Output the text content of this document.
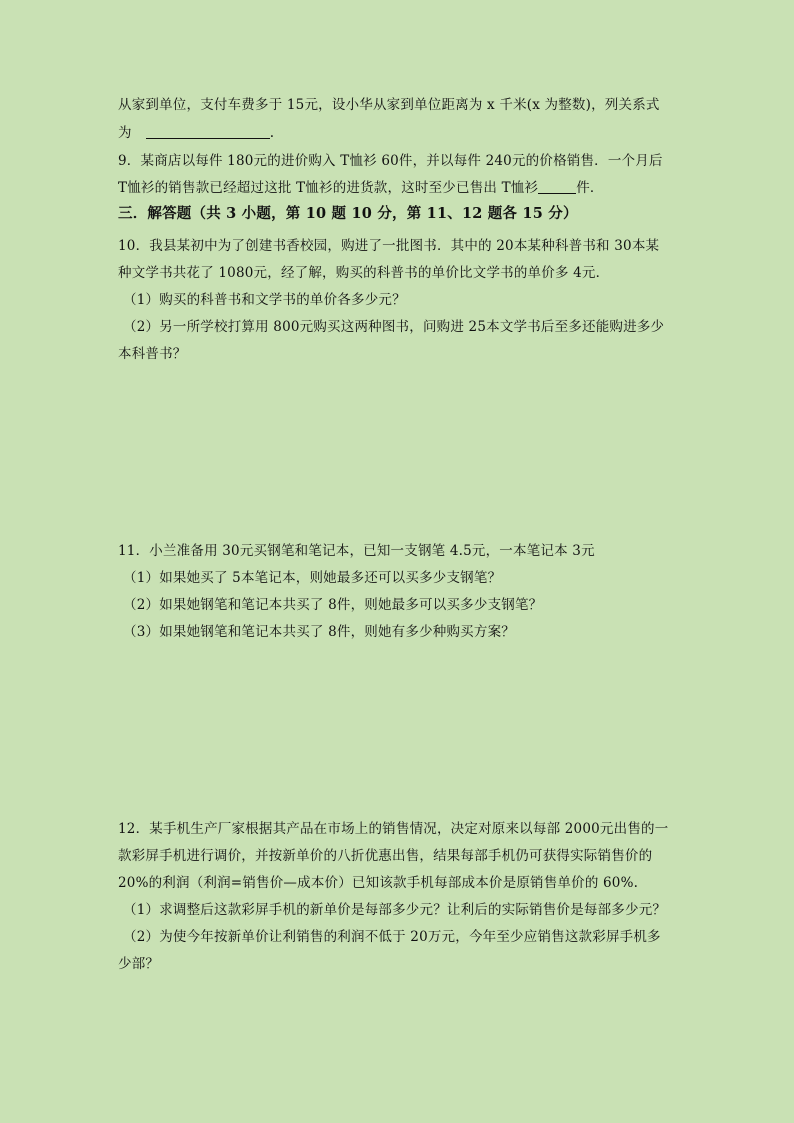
从家到单位，支付车费多于 15元，设小华从家到单位距离为 x 千米(x 为整数)，列关系式
为	.
9．某商店以每件 180元的进价购入 T恤衫 60件，并以每件 240元的价格销售．一个月后
T恤衫的销售款已经超过这批 T恤衫的进货款，这时至少已售出 T恤衫	件．
三．解答题（共 3 小题，第 10 题 10 分，第 11、12 题各 15 分）
10．我县某初中为了创建书香校园，购进了一批图书．其中的 20本某种科普书和 30本某
种文学书共花了 1080元，经了解，购买的科普书的单价比文学书的单价多 4元．
（1）购买的科普书和文学书的单价各多少元？
（2）另一所学校打算用 800元购买这两种图书，问购进 25本文学书后至多还能购进多少
本科普书？
11．小兰准备用 30元买钢笔和笔记本，已知一支钢笔 4.5元，一本笔记本 3元
（1）如果她买了 5本笔记本，则她最多还可以买多少支钢笔？
（2）如果她钢笔和笔记本共买了 8件，则她最多可以买多少支钢笔？
（3）如果她钢笔和笔记本共买了 8件，则她有多少种购买方案？
12．某手机生产厂家根据其产品在市场上的销售情况，决定对原来以每部 2000元出售的一
款彩屏手机进行调价，并按新单价的八折优惠出售，结果每部手机仍可获得实际销售价的
20%的利润（利润=销售价—成本价）已知该款手机每部成本价是原销售单价的 60%.
（1）求调整后这款彩屏手机的新单价是每部多少元？让利后的实际销售价是每部多少元？
（2）为使今年按新单价让利销售的利润不低于 20万元，今年至少应销售这款彩屏手机多
少部？
